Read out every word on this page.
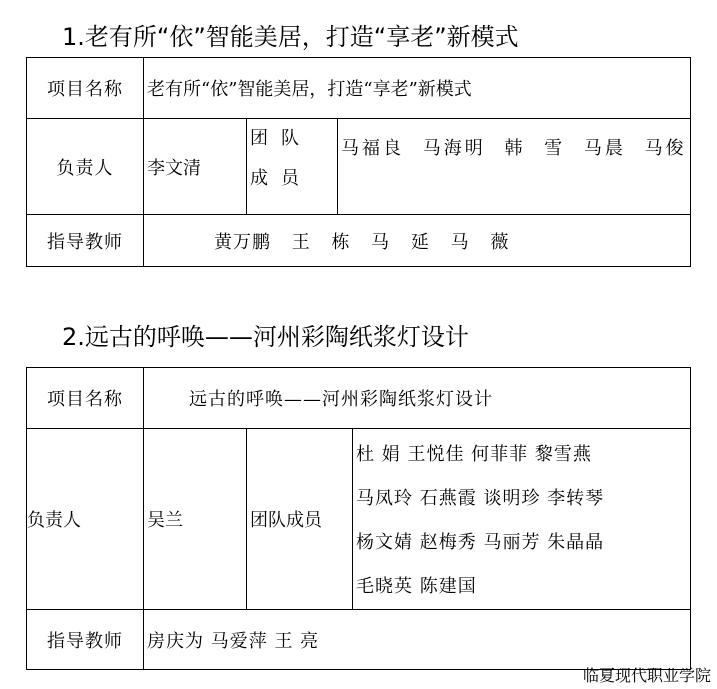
1.老有所“依”智能美居，打造“享老”新模式
项目名称	老有所“依”智能美居，打造“享老”新模式		
负责人	李文清	团队成员	马福良 马海明 韩 雪 马晨 马俊
指导教师	黄万鹏 王 栋 马 延 马 薇		
2.远古的呼唤——河州彩陶纸浆灯设计
项目名称	远古的呼唤——河州彩陶纸浆灯设计		
负责人	吴兰	团队成员	杜 娟 王悦佳 何菲菲 黎雪燕
马凤玲 石燕霞 谈明珍 李转琴
杨文婧 赵梅秀 马丽芳 朱晶晶
毛晓英 陈建国

指导教师	房庆为 马爱萍 王 亮		
临夏现代职业学院
